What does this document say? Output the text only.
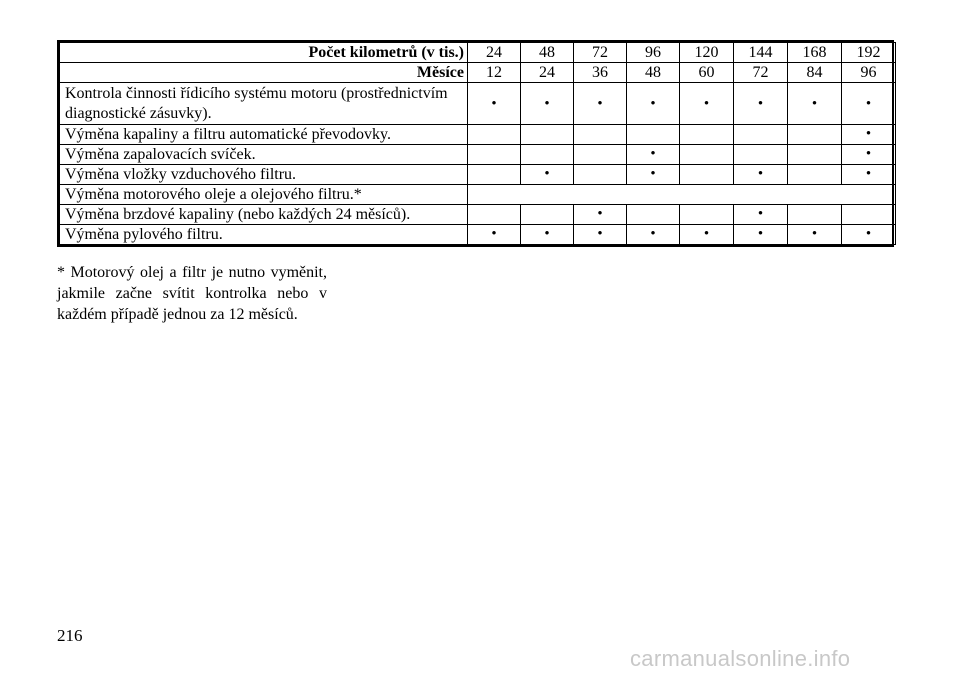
Počet kilometrů (v tis.)	24	48	72	96	120	144	168	192
Měsíce	12	24	36	48	60	72	84	96
Kontrola činnosti řídicího systému motoru (prostřednictvím
diagnostické zásuvky).	•	•	•	•	•	•	•	•
Výměna kapaliny a filtru automatické převodovky.								•
Výměna zapalovacích svíček.				•				•
Výměna vložky vzduchového filtru.		•		•		•		•
Výměna motorového oleje a olejového filtru.*								
Výměna brzdové kapaliny (nebo každých 24 měsíců).			•			•		
Výměna pylového filtru.	•	•	•	•	•	•	•	•
* Motorový olej a filtr je nutno vyměnit,
jakmile začne svítit kontrolka nebo v
každém případě jednou za 12 měsíců.
216
carmanualsonline.info
